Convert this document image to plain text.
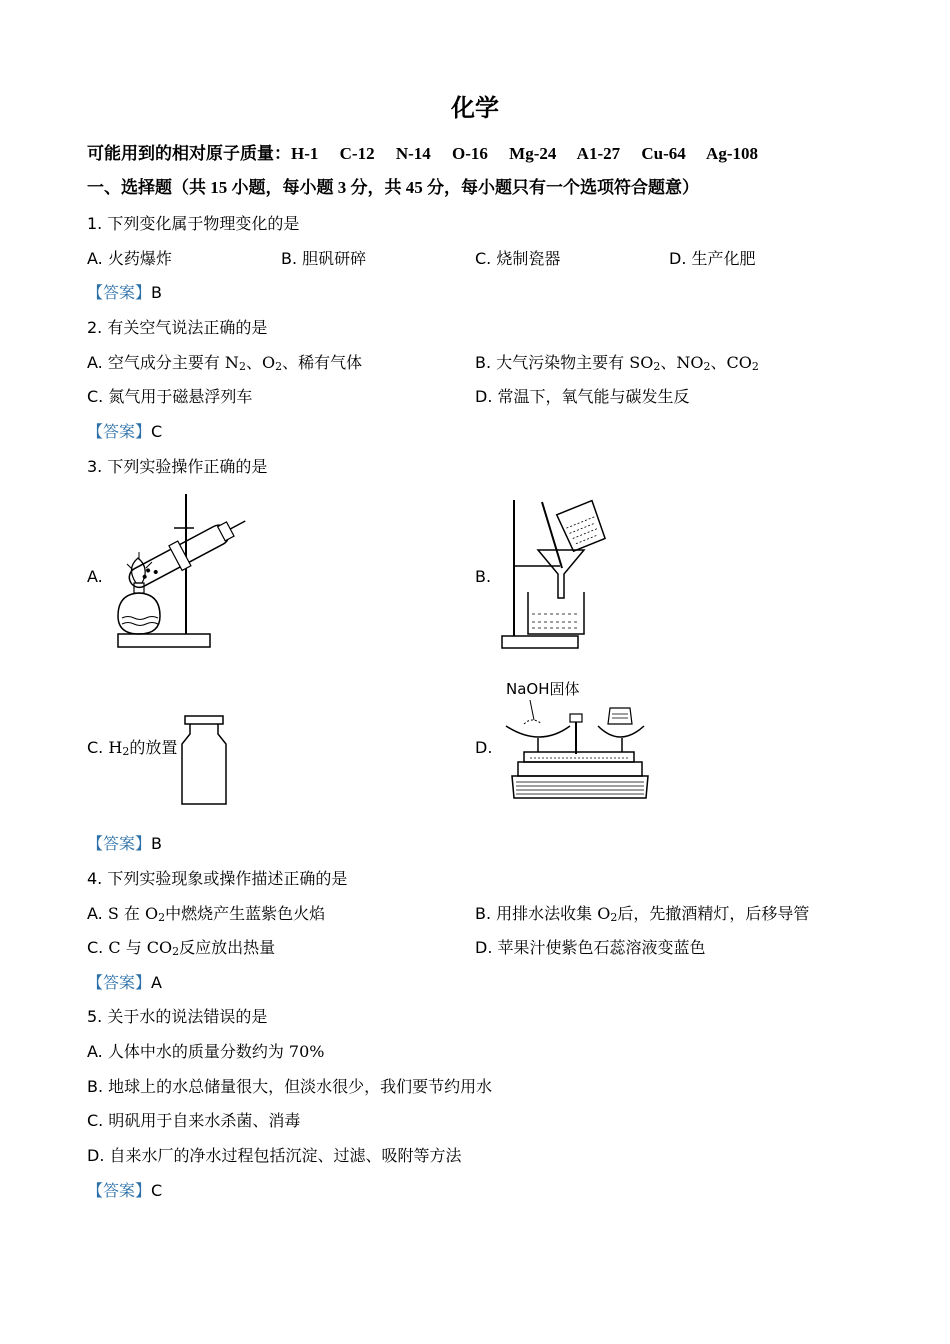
化学
可能用到的相对原子质量：H-1　 C-12　 N-14　 O-16　 Mg-24　 A1-27　 Cu-64　 Ag-108
一、选择题（共 15 小题，每小题 3 分，共 45 分，每小题只有一个选项符合题意）
1. 下列变化属于物理变化的是
A. 火药爆炸	B. 胆矾研碎	C. 烧制瓷器	D. 生产化肥
【答案】B
2. 有关空气说法正确的是
A. 空气成分主要有 $N_2$、$O_2$、稀有气体	B. 大气污染物主要有 $SO_2$、$NO_2$、$CO_2$
C. 氮气用于磁悬浮列车	D. 常温下，氧气能与碳发生反
【答案】C
3. 下列实验操作正确的是
A.	B.
C. $H_2$的放置	D.
NaOH固体
【答案】B
4. 下列实验现象或操作描述正确的是
A. S 在 $O_2$中燃烧产生蓝紫色火焰	B. 用排水法收集 $O_2$后，先撤酒精灯，后移导管
C. C 与 $CO_2$反应放出热量	D. 苹果汁使紫色石蕊溶液变蓝色
【答案】A
5. 关于水的说法错误的是
A. 人体中水的质量分数约为 70%
B. 地球上的水总储量很大，但淡水很少，我们要节约用水
C. 明矾用于自来水杀菌、消毒
D. 自来水厂的净水过程包括沉淀、过滤、吸附等方法
【答案】C
